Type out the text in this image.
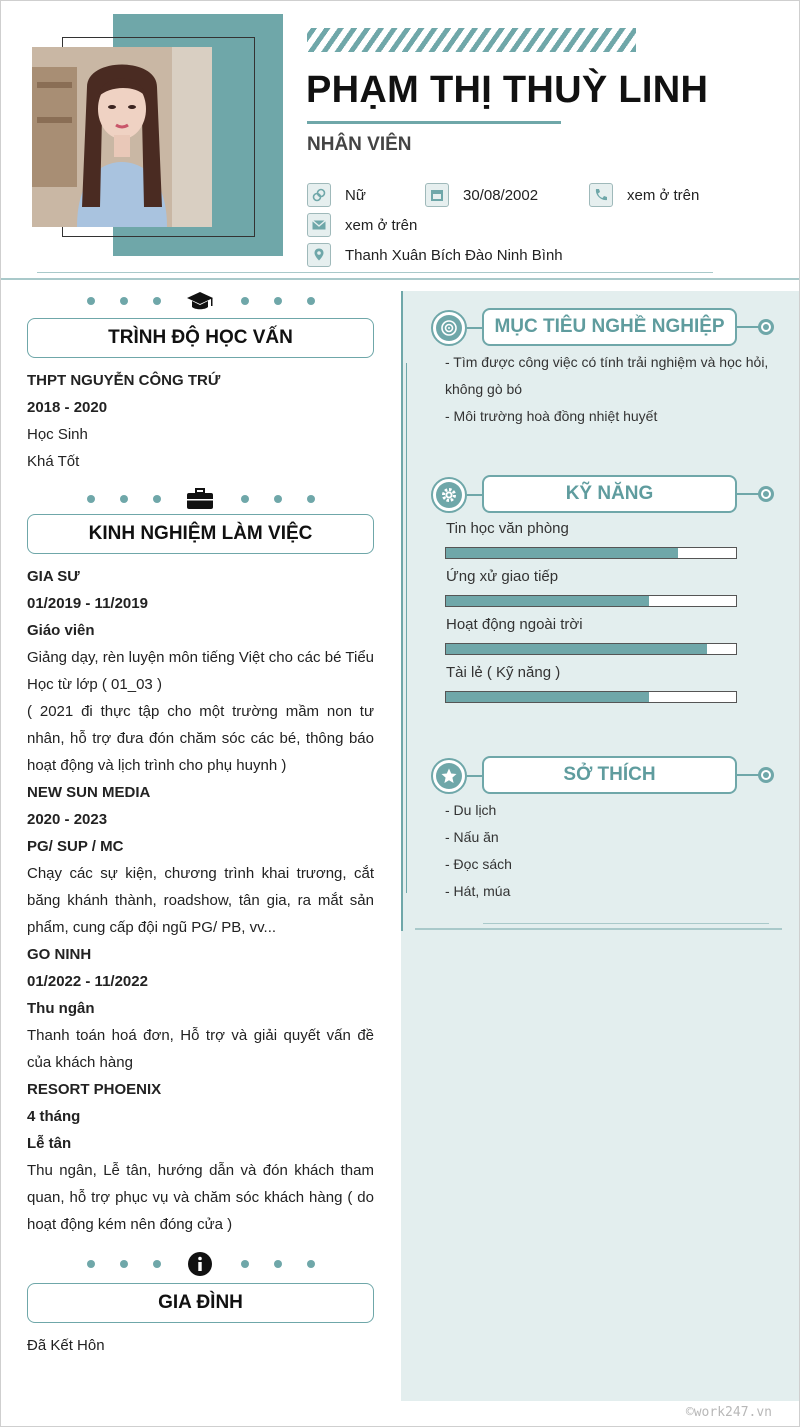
PHẠM THỊ THUỲ LINH
NHÂN VIÊN
Nữ	30/08/2002	xem ở trên
xem ở trên
Thanh Xuân Bích Đào Ninh Bình
MỤC TIÊU NGHỀ NGHIỆP
- Tìm được công việc có tính trải nghiệm và học hỏi,
không gò bó
- Môi trường hoà đồng nhiệt huyết
KỸ NĂNG
Tin học văn phòng
Ứng xử giao tiếp
Hoạt động ngoài trời
Tài lẻ ( Kỹ năng )
SỞ THÍCH
- Du lịch
- Nấu ăn
- Đọc sách
- Hát, múa
TRÌNH ĐỘ HỌC VẤN
THPT NGUYỄN CÔNG TRỨ
2018 - 2020
Học Sinh
Khá Tốt
KINH NGHIỆM LÀM VIỆC
GIA SƯ
01/2019 - 11/2019
Giáo viên
Giảng dạy, rèn luyện môn tiếng Việt cho các bé Tiểu Học từ lớp ( 01_03 )
( 2021 đi thực tập cho một trường mầm non tư nhân, hỗ trợ đưa đón chăm sóc các bé, thông báo hoạt động và lịch trình cho phụ huynh )
NEW SUN MEDIA
2020 - 2023
PG/ SUP / MC
Chạy các sự kiện, chương trình khai trương, cắt băng khánh thành, roadshow, tân gia, ra mắt sản phẩm, cung cấp đội ngũ PG/ PB, vv...
GO NINH
01/2022 - 11/2022
Thu ngân
Thanh toán hoá đơn, Hỗ trợ và giải quyết vấn đề của khách hàng
RESORT PHOENIX
4 tháng
Lễ tân
Thu ngân, Lễ tân, hướng dẫn và đón khách tham quan, hỗ trợ phục vụ và chăm sóc khách hàng ( do hoạt động kém nên đóng cửa )
GIA ĐÌNH
Đã Kết Hôn
©work247.vn
